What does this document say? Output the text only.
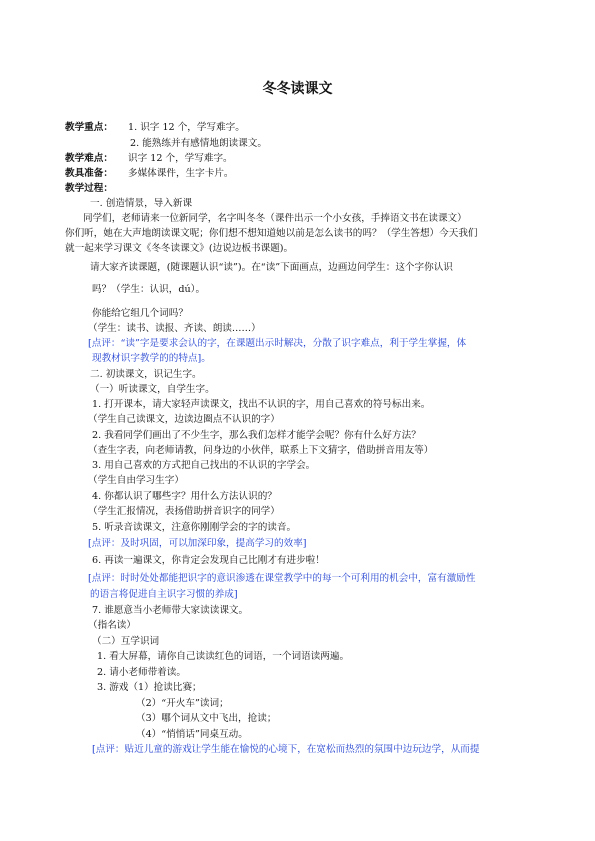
冬冬读课文
教学重点： 1. 识字 12 个，学写难字。
2. 能熟练并有感情地朗读课文。
教学难点： 识字 12 个，学写难字。
教具准备： 多媒体课件，生字卡片。
教学过程：
一. 创造情景，导入新课
同学们，老师请来一位新同学，名字叫冬冬（课件出示一个小女孩，手捧语文书在读课文）
你们听，她在大声地朗读课文呢；你们想不想知道她以前是怎么读书的吗？（学生答想）今天我们
就一起来学习课文《冬冬读课文》(边说边板书课题)。
请大家齐读课题，(随课题认识“读”)。在“读”下面画点，边画边问学生：这个字你认识
吗？（学生：认识，dú）。
你能给它组几个词吗？
（学生：读书、读报、齐读、朗读……）
[点评：“读”字是要求会认的字，在课题出示时解决，分散了识字难点，利于学生掌握，体
现教材识字教学的的特点]。
二. 初读课文，识记生字。
（一）听读课文，自学生字。
1. 打开课本，请大家轻声读课文，找出不认识的字，用自己喜欢的符号标出来。
（学生自己读课文，边读边圈点不认识的字）
2. 我看同学们画出了不少生字，那么我们怎样才能学会呢？你有什么好方法？
（查生字表，向老师请教，问身边的小伙伴，联系上下文猜字，借助拼音用友等）
3. 用自己喜欢的方式把自己找出的不认识的字学会。
（学生自由学习生字）
4. 你都认识了哪些字？用什么方法认识的？
（学生汇报情况，表扬借助拼音识字的同学）
5. 听录音读课文，注意你刚刚学会的字的读音。
[点评：及时巩固，可以加深印象，提高学习的效率]
6. 再读一遍课文，你肯定会发现自己比刚才有进步啦！
[点评：时时处处都能把识字的意识渗透在课堂教学中的每一个可利用的机会中，富有激励性
的语言将促进自主识字习惯的养成]
7. 谁愿意当小老师带大家读读课文。
（指名读）
（二）互学识词
1. 看大屏幕，请你自己读读红色的词语，一个词语读两遍。
2. 请小老师带着读。
3. 游戏（1）抢读比赛；
（2）“开火车”读词；
（3）哪个词从文中飞出，抢读；
（4）“悄悄话”同桌互动。
[点评：贴近儿童的游戏让学生能在愉悦的心境下，在宽松而热烈的氛围中边玩边学，从而提
